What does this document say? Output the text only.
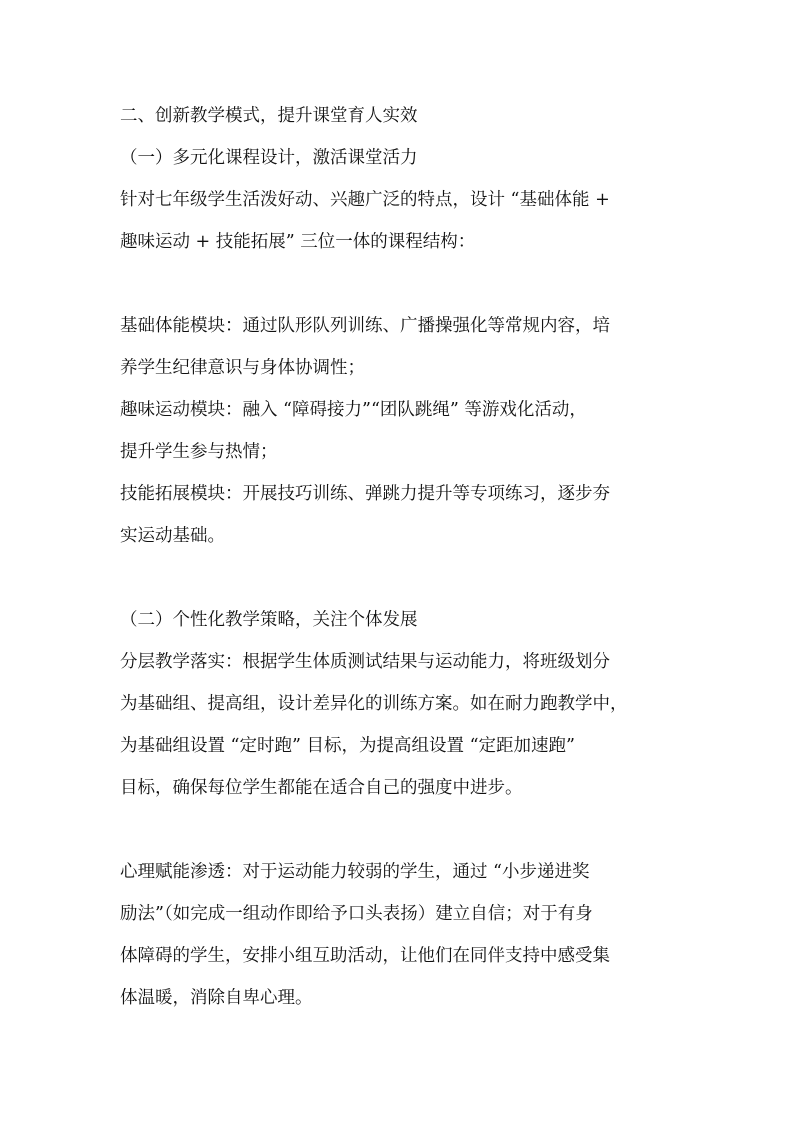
二、创新教学模式，提升课堂育人实效

（一）多元化课程设计，激活课堂活力

针对七年级学生活泼好动、兴趣广泛的特点，设计 “基础体能 +

趣味运动 + 技能拓展” 三位一体的课程结构：

基础体能模块：通过队形队列训练、广播操强化等常规内容，培

养学生纪律意识与身体协调性；

趣味运动模块：融入 “障碍接力”“团队跳绳” 等游戏化活动，

提升学生参与热情；

技能拓展模块：开展技巧训练、弹跳力提升等专项练习，逐步夯

实运动基础。

（二）个性化教学策略，关注个体发展

分层教学落实：根据学生体质测试结果与运动能力，将班级划分

为基础组、提高组，设计差异化的训练方案。如在耐力跑教学中，

为基础组设置 “定时跑” 目标，为提高组设置 “定距加速跑”

目标，确保每位学生都能在适合自己的强度中进步。

心理赋能渗透：对于运动能力较弱的学生，通过 “小步递进奖

励法”（如完成一组动作即给予口头表扬）建立自信；对于有身

体障碍的学生，安排小组互助活动，让他们在同伴支持中感受集

体温暖，消除自卑心理。
